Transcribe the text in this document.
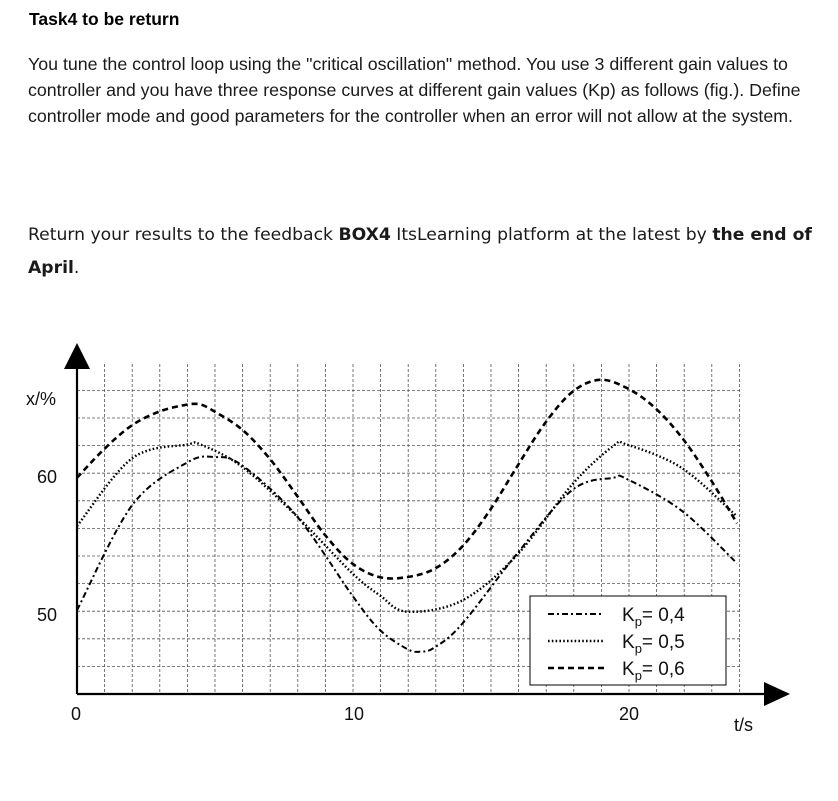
Task4 to be return
You tune the control loop using the "critical oscillation" method. You use 3 different gain values to controller and you have three response curves at different gain values (Kp) as follows (fig.). Define controller mode and good parameters for the controller when an error will not allow at the system.
Return your results to the feedback BOX4 ItsLearning platform at the latest by the end of April.
x/%
t/s
50
60
0	10	20
$K_p= 0,4$
$K_p= 0,5$
$K_p= 0,6$
